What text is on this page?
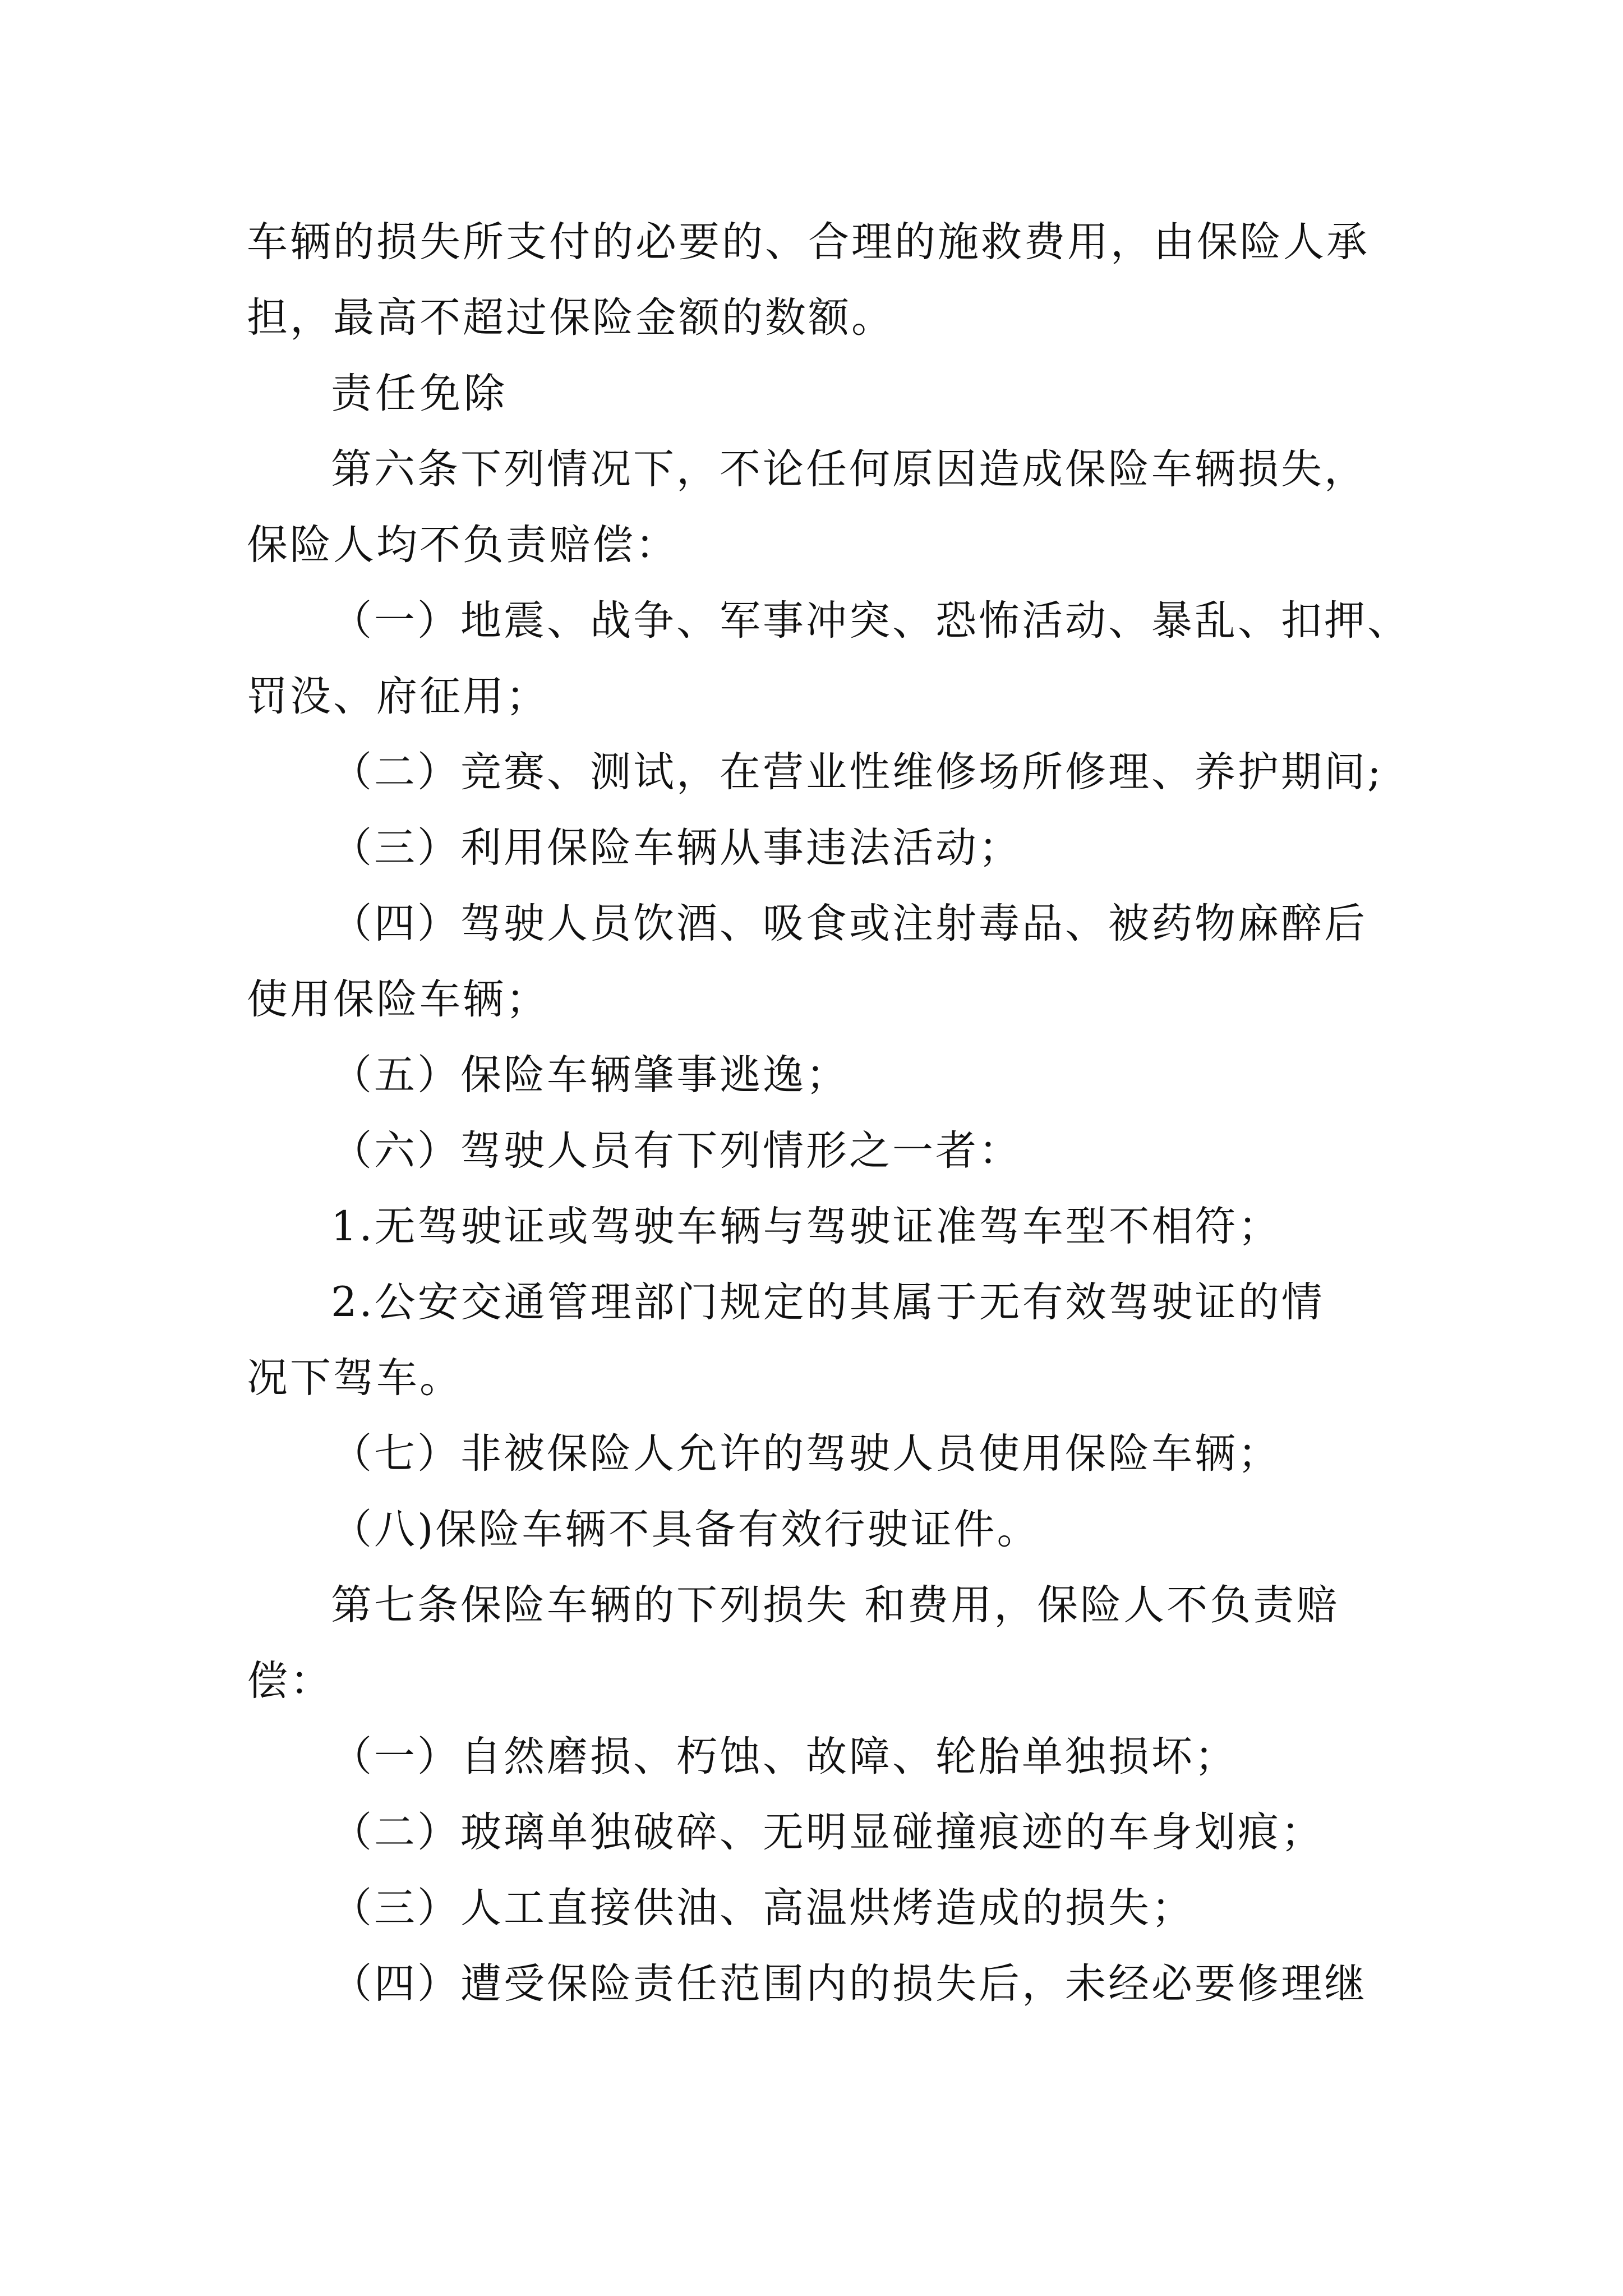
车辆的损失所支付的必要的、合理的施救费用，由保险人承
担，最高不超过保险金额的数额。
责任免除
第六条下列情况下，不论任何原因造成保险车辆损失，
保险人均不负责赔偿：
（一）地震、战争、军事冲突、恐怖活动、暴乱、扣押、
罚没、府征用；
（二）竞赛、测试，在营业性维修场所修理、养护期间;
（三）利用保险车辆从事违法活动；
（四）驾驶人员饮酒、吸食或注射毒品、被药物麻醉后
使用保险车辆；
（五）保险车辆肇事逃逸；
（六）驾驶人员有下列情形之一者：
1.无驾驶证或驾驶车辆与驾驶证准驾车型不相符；
2.公安交通管理部门规定的其属于无有效驾驶证的情
况下驾车。
（七）非被保险人允许的驾驶人员使用保险车辆；
（八)保险车辆不具备有效行驶证件。
第七条保险车辆的下列损失 和费用，保险人不负责赔
偿：
（一）自然磨损、朽蚀、故障、轮胎单独损坏；
（二）玻璃单独破碎、无明显碰撞痕迹的车身划痕；
（三）人工直接供油、高温烘烤造成的损失；
（四）遭受保险责任范围内的损失后，未经必要修理继
